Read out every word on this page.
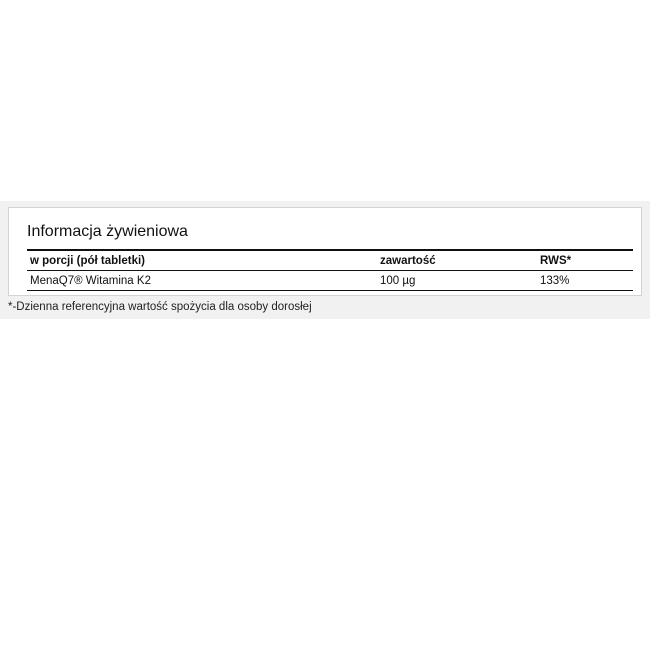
Informacja żywieniowa
w porcji (pół tabletki)	zawartość	RWS*
MenaQ7® Witamina K2	100 µg	133%

*-Dzienna referencyjna wartość spożycia dla osoby dorosłej
